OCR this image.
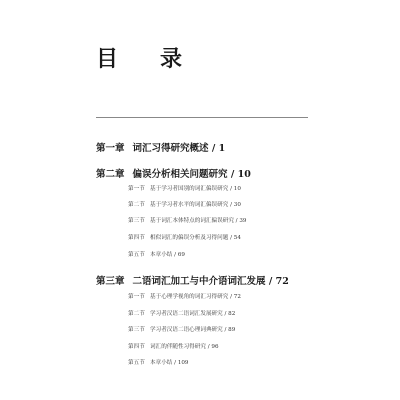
目　录
第一章 词汇习得研究概述 / 1
第二章 偏误分析相关问题研究 / 10
第一节 基于学习者国别的词汇偏误研究 / 10
第二节 基于学习者水平的词汇偏误研究 / 30
第三节 基于词汇本体特点的词汇偏误研究 / 39
第四节 相似词汇的偏误分析及习得问题 / 54
第五节 本章小结 / 69
第三章 二语词汇加工与中介语词汇发展 / 72
第一节 基于心理学视角的词汇习得研究 / 72
第二节 学习者汉语二语词汇发展研究 / 82
第三节 学习者汉语二语心理词典研究 / 89
第四节 词汇的伴随性习得研究 / 96
第五节 本章小结 / 109
